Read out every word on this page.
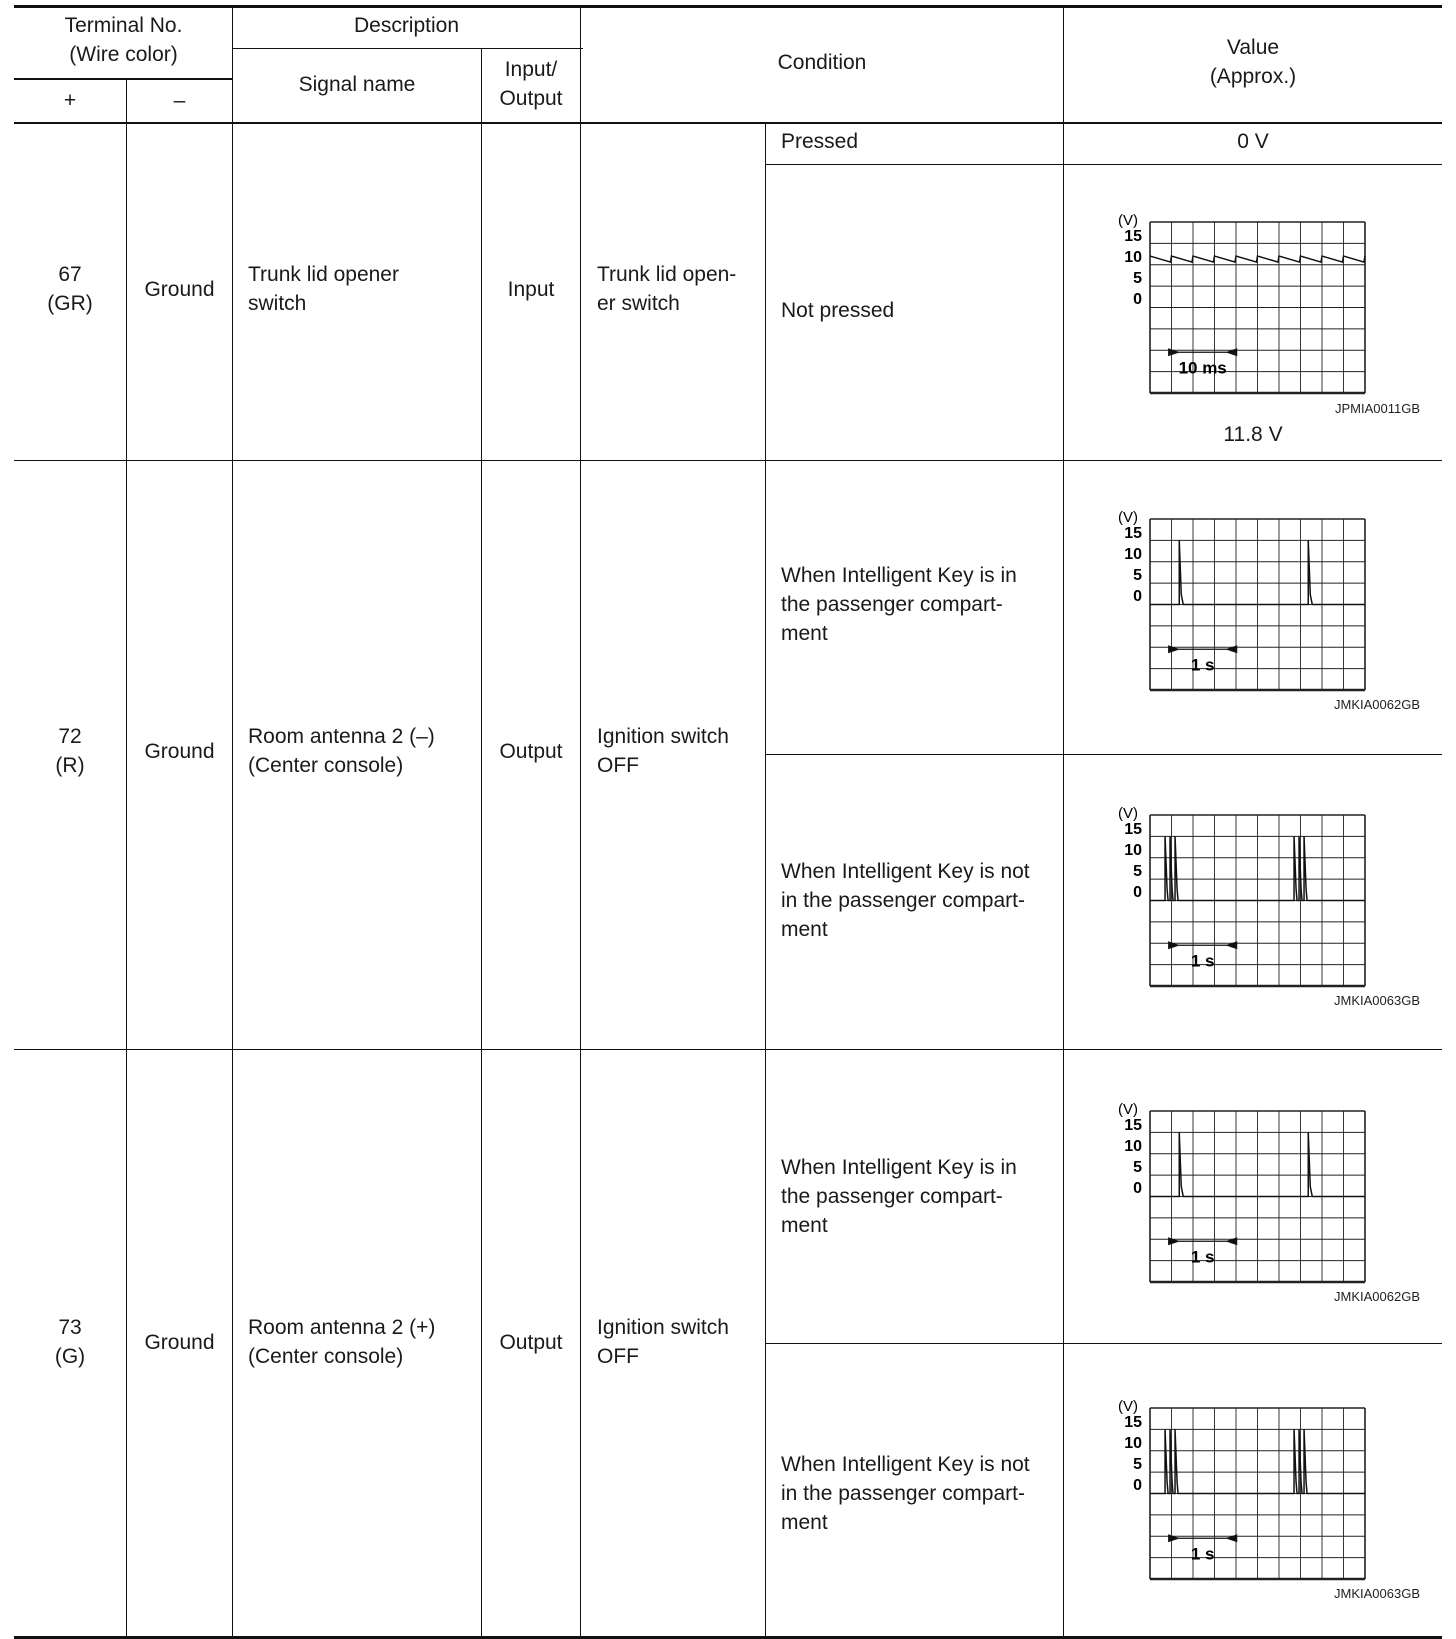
Terminal No.
(Wire color)
+	–
Description
Signal name
Input/
Output
Condition
Value
(Approx.)
67
(GR)
Ground
Trunk lid opener
switch
Input
Trunk lid open-
er switch
Pressed	0 V
Not pressed
(V)
15
10
5
0
10 ms
JPMIA0011GB
11.8 V
72
(R)
Ground
Room antenna 2 (–)
(Center console)
Output
Ignition switch
OFF
When Intelligent Key is in
the passenger compart-
ment
(V)
15
10
5
0
1 s
JMKIA0062GB
When Intelligent Key is not
in the passenger compart-
ment
(V)
15
10
5
0
1 s
JMKIA0063GB
73
(G)
Ground
Room antenna 2 (+)
(Center console)
Output
Ignition switch
OFF
When Intelligent Key is in
the passenger compart-
ment
(V)
15
10
5
0
1 s
JMKIA0062GB
When Intelligent Key is not
in the passenger compart-
ment
(V)
15
10
5
0
1 s
JMKIA0063GB
